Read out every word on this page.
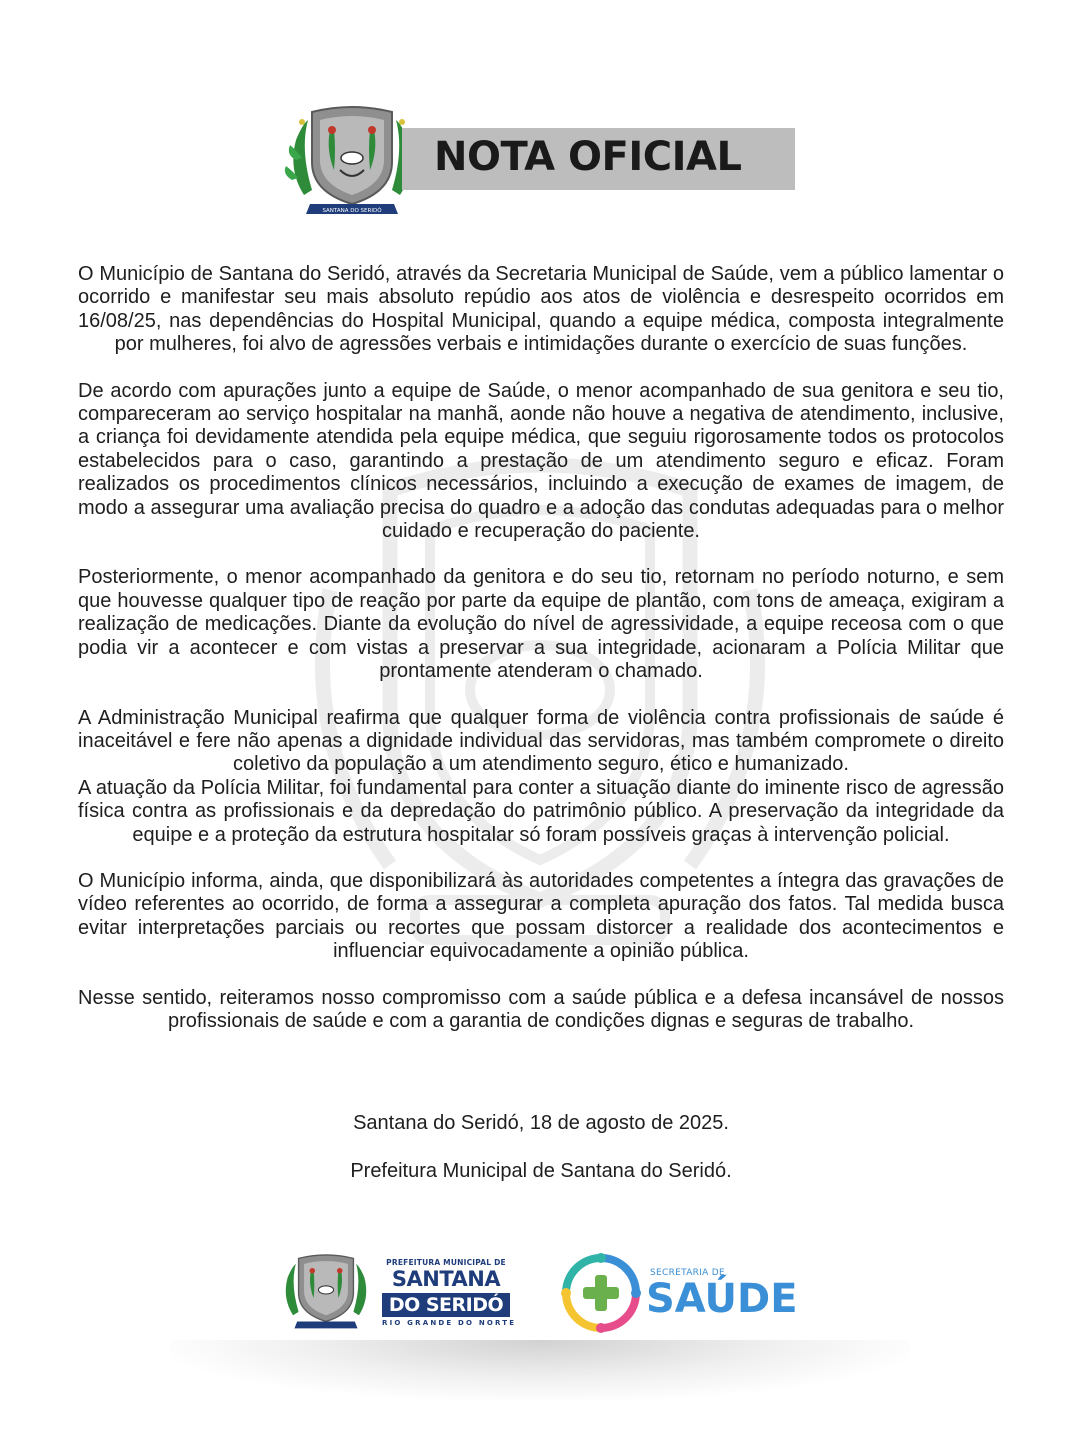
SANTANA DO SERIDÓ
NOTA OFICIAL

O Município de Santana do Seridó, através da Secretaria Municipal de Saúde, vem a público lamentar o ocorrido e manifestar seu mais absoluto repúdio aos atos de violência e desrespeito ocorridos em 16/08/25, nas dependências do Hospital Municipal, quando a equipe médica, composta integralmente por mulheres, foi alvo de agressões verbais e intimidações durante o exercício de suas funções.

De acordo com apurações junto a equipe de Saúde, o menor acompanhado de sua genitora e seu tio, compareceram ao serviço hospitalar na manhã, aonde não houve a negativa de atendimento, inclusive, a criança foi devidamente atendida pela equipe médica, que seguiu rigorosamente todos os protocolos estabelecidos para o caso, garantindo a prestação de um atendimento seguro e eficaz. Foram realizados os procedimentos clínicos necessários, incluindo a execução de exames de imagem, de modo a assegurar uma avaliação precisa do quadro e a adoção das condutas adequadas para o melhor cuidado e recuperação do paciente.

Posteriormente, o menor acompanhado da genitora e do seu tio, retornam no período noturno, e sem que houvesse qualquer tipo de reação por parte da equipe de plantão, com tons de ameaça, exigiram a realização de medicações. Diante da evolução do nível de agressividade, a equipe receosa com o que podia vir a acontecer e com vistas a preservar a sua integridade, acionaram a Polícia Militar que prontamente atenderam o chamado.

A Administração Municipal reafirma que qualquer forma de violência contra profissionais de saúde é inaceitável e fere não apenas a dignidade individual das servidoras, mas também compromete o direito coletivo da população a um atendimento seguro, ético e humanizado.

A atuação da Polícia Militar, foi fundamental para conter a situação diante do iminente risco de agressão física contra as profissionais e da depredação do patrimônio público. A preservação da integridade da equipe e a proteção da estrutura hospitalar só foram possíveis graças à intervenção policial.

O Município informa, ainda, que disponibilizará às autoridades competentes a íntegra das gravações de vídeo referentes ao ocorrido, de forma a assegurar a completa apuração dos fatos. Tal medida busca evitar interpretações parciais ou recortes que possam distorcer a realidade dos acontecimentos e influenciar equivocadamente a opinião pública.

Nesse sentido, reiteramos nosso compromisso com a saúde pública e a defesa incansável de nossos profissionais de saúde e com a garantia de condições dignas e seguras de trabalho.

Santana do Seridó, 18 de agosto de 2025.
Prefeitura Municipal de Santana do Seridó.
PREFEITURA MUNICIPAL DE
SANTANA
DO SERIDÓ
RIO GRANDE DO NORTE
SECRETARIA DE
SAÚDE
